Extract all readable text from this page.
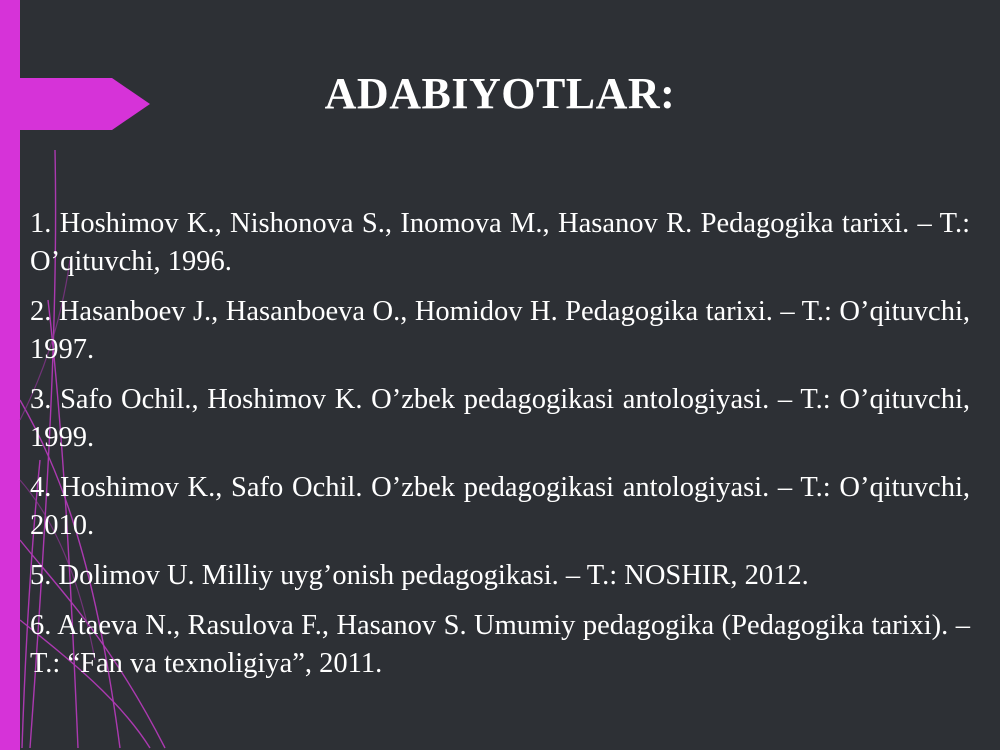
ADABIYOTLAR:

1. Hoshimov K., Nishonova S., Inomova M., Hasanov R. Pedagogika tarixi. – T.: O’qituvchi, 1996.

2. Hasanboev J., Hasanboeva O., Homidov H. Pedagogika tarixi. – T.: O’qituvchi, 1997.

3. Safo Ochil., Hoshimov K. O’zbek pedagogikasi antologiyasi. – T.: O’qituvchi, 1999.

4. Hoshimov K., Safo Ochil. O’zbek pedagogikasi antologiyasi. – T.: O’qituvchi, 2010.

5. Dolimov U. Milliy uyg’onish pedagogikasi. – T.: NOSHIR, 2012.

6. Ataeva N., Rasulova F., Hasanov S. Umumiy pedagogika (Pedagogika tarixi). – T.: “Fan va texnoligiya”, 2011.
